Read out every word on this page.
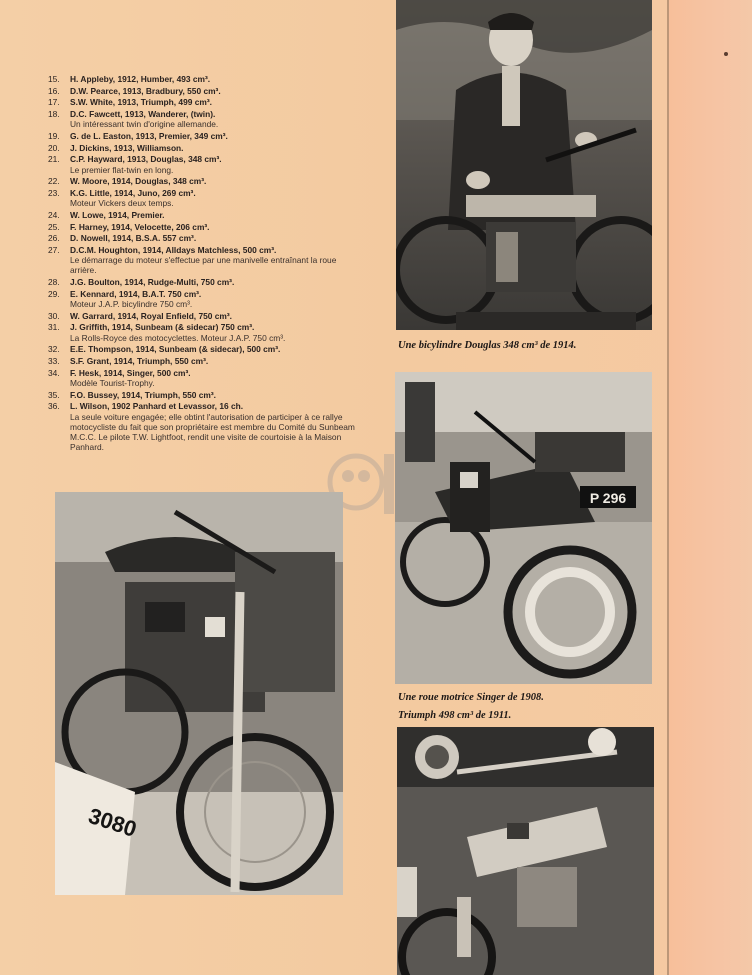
15.	H. Appleby, 1912, Humber, 493 cm³.
16.	D.W. Pearce, 1913, Bradbury, 550 cm³.
17.	S.W. White, 1913, Triumph, 499 cm³.
18.	D.C. Fawcett, 1913, Wanderer, (twin).
Un intéressant twin d'origine allemande.
19.	G. de L. Easton, 1913, Premier, 349 cm³.
20.	J. Dickins, 1913, Williamson.
21.	C.P. Hayward, 1913, Douglas, 348 cm³.
Le premier flat-twin en long.
22.	W. Moore, 1914, Douglas, 348 cm³.
23.	K.G. Little, 1914, Juno, 269 cm³.
Moteur Vickers deux temps.
24.	W. Lowe, 1914, Premier.
25.	F. Harney, 1914, Velocette, 206 cm³.
26.	D. Nowell, 1914, B.S.A. 557 cm³.
27.	D.C.M. Houghton, 1914, Alldays Matchless, 500 cm³.
Le démarrage du moteur s'effectue par une manivelle entraînant la roue arrière.
28.	J.G. Boulton, 1914, Rudge-Multi, 750 cm³.
29.	E. Kennard, 1914, B.A.T. 750 cm³.
Moteur J.A.P. bicylindre 750 cm³.
30.	W. Garrard, 1914, Royal Enfield, 750 cm³.
31.	J. Griffith, 1914, Sunbeam (& sidecar) 750 cm³.
La Rolls-Royce des motocyclettes. Moteur J.A.P. 750 cm³.
32.	E.E. Thompson, 1914, Sunbeam (& sidecar), 500 cm³.
33.	S.F. Grant, 1914, Triumph, 550 cm³.
34.	F. Hesk, 1914, Singer, 500 cm³.
Modèle Tourist-Trophy.
35.	F.O. Bussey, 1914, Triumph, 550 cm³.
36.	L. Wilson, 1902 Panhard et Levassor, 16 ch.
La seule voiture engagée; elle obtint l'autorisation de participer à ce rallye motocycliste du fait que son propriétaire est membre du Comité du Sunbeam M.C.C. Le pilote T.W. Lightfoot, rendit une visite de courtoisie à la Maison Panhard.
Une bicylindre Douglas 348 cm³ de 1914.
P 296
Une roue motrice Singer de 1908.
Triumph 498 cm³ de 1911.
3080
